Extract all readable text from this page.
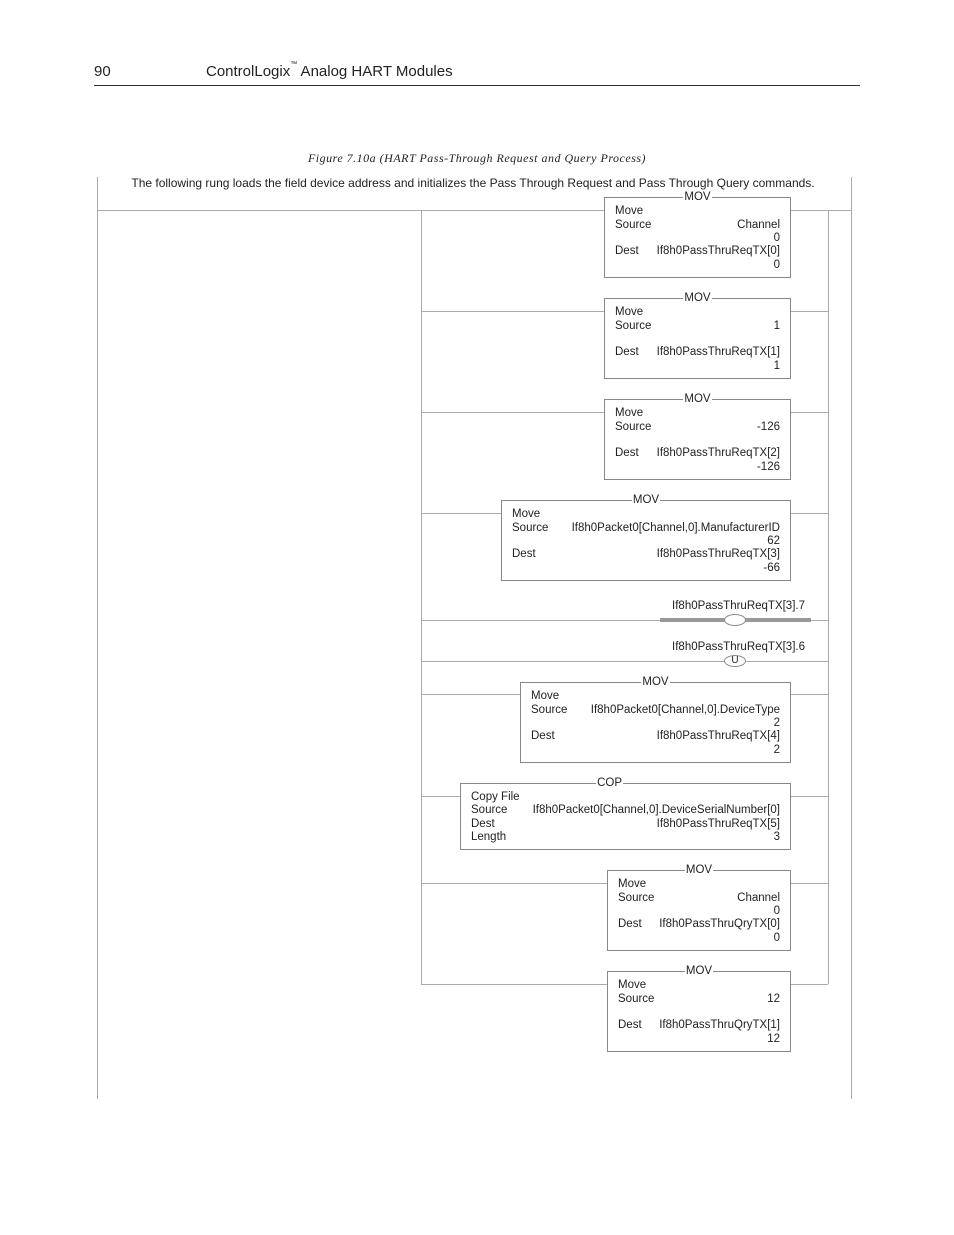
90	ControlLogix™ Analog HART Modules
Figure 7.10a (HART Pass-Through Request and Query Process)
The following rung loads the field device address and initializes the Pass Through Request and Pass Through Query commands.
MOV
Move
Source	Channel
0
Dest If8h0PassThruReqTX[0]
0
MOV
Move
Source	1
Dest If8h0PassThruReqTX[1]
1
MOV
Move
Source	-126
Dest If8h0PassThruReqTX[2]
-126
MOV
Move
Source If8h0Packet0[Channel,0].ManufacturerID
62
Dest	If8h0PassThruReqTX[3]
-66
If8h0PassThruReqTX[3].7
If8h0PassThruReqTX[3].6
U
MOV
Move
Source If8h0Packet0[Channel,0].DeviceType
2
Dest	If8h0PassThruReqTX[4]
2
COP
Copy File
Source If8h0Packet0[Channel,0].DeviceSerialNumber[0]
Dest	If8h0PassThruReqTX[5]
Length	3
MOV
Move
Source	Channel
0
Dest If8h0PassThruQryTX[0]
0
MOV
Move
Source	12
Dest If8h0PassThruQryTX[1]
12
